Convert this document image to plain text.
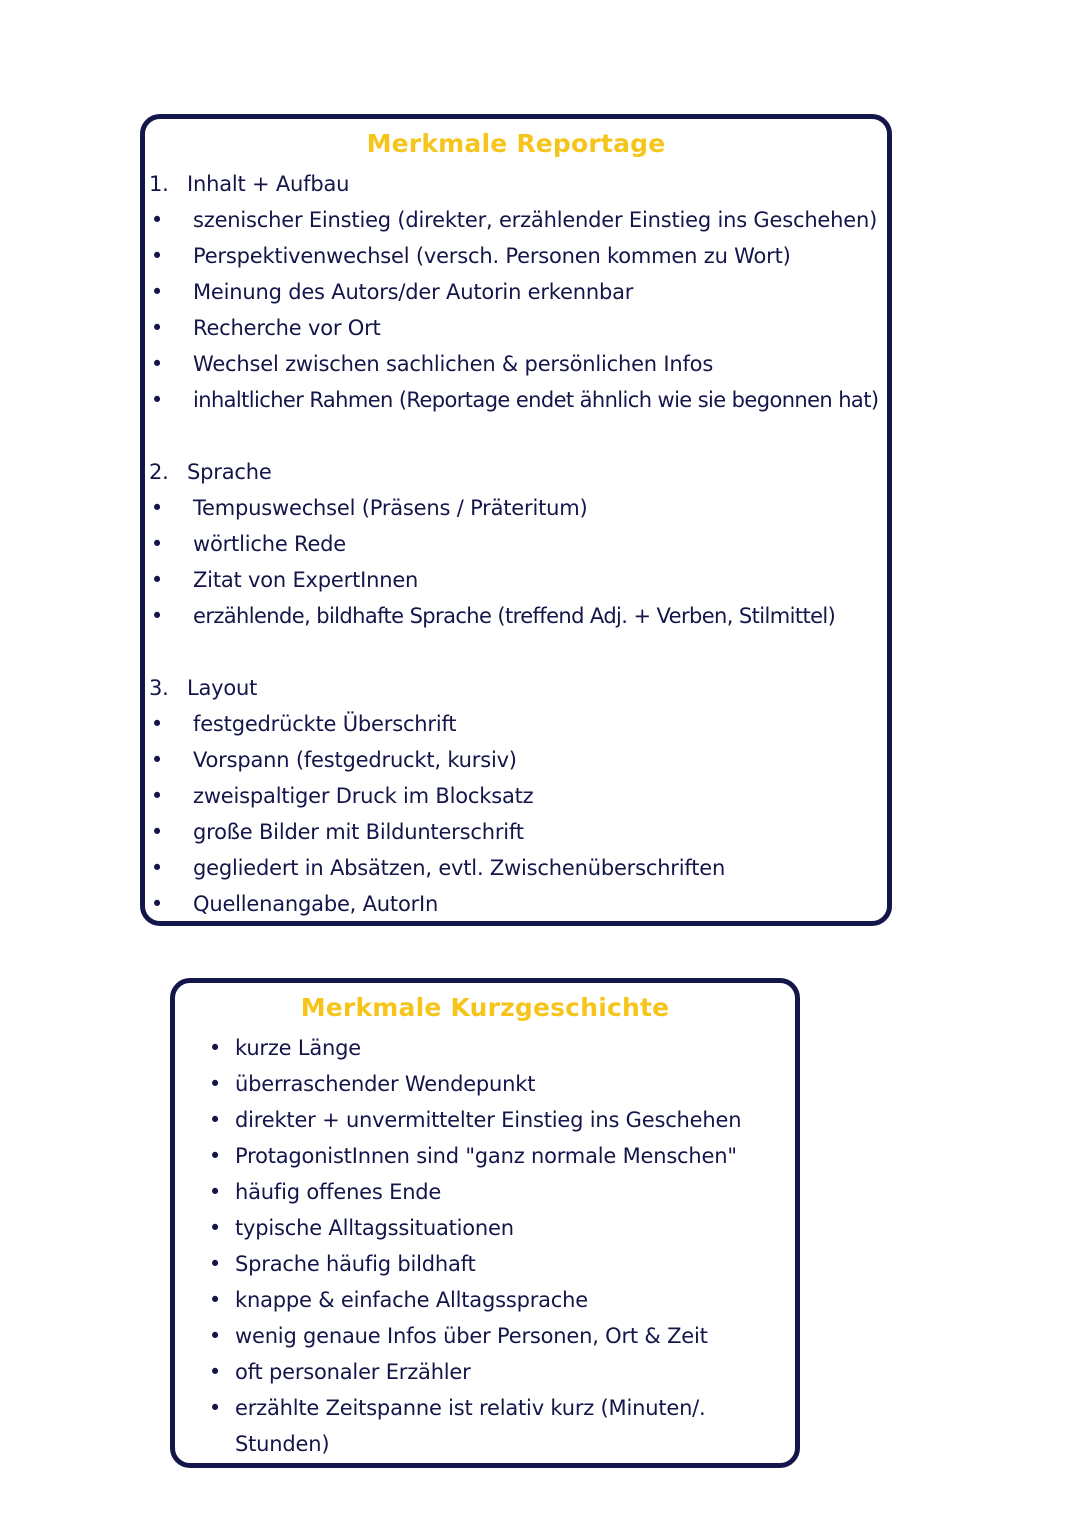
Merkmale Reportage
1. Inhalt + Aufbau
• szenischer Einstieg (direkter, erzählender Einstieg ins Geschehen)
• Perspektivenwechsel (versch. Personen kommen zu Wort)
• Meinung des Autors/der Autorin erkennbar
• Recherche vor Ort
• Wechsel zwischen sachlichen & persönlichen Infos
• inhaltlicher Rahmen (Reportage endet ähnlich wie sie begonnen hat)
2. Sprache
• Tempuswechsel (Präsens / Präteritum)
• wörtliche Rede
• Zitat von ExpertInnen
• erzählende, bildhafte Sprache (treffend Adj. + Verben, Stilmittel)
3. Layout
• festgedrückte Überschrift
• Vorspann (festgedruckt, kursiv)
• zweispaltiger Druck im Blocksatz
• große Bilder mit Bildunterschrift
• gegliedert in Absätzen, evtl. Zwischenüberschriften
• Quellenangabe, AutorIn
Merkmale Kurzgeschichte
• kurze Länge
• überraschender Wendepunkt
• direkter + unvermittelter Einstieg ins Geschehen
• ProtagonistInnen sind "ganz normale Menschen"
• häufig offenes Ende
• typische Alltagssituationen
• Sprache häufig bildhaft
• knappe & einfache Alltagssprache
• wenig genaue Infos über Personen, Ort & Zeit
• oft personaler Erzähler
• erzählte Zeitspanne ist relativ kurz (Minuten/. Stunden)
